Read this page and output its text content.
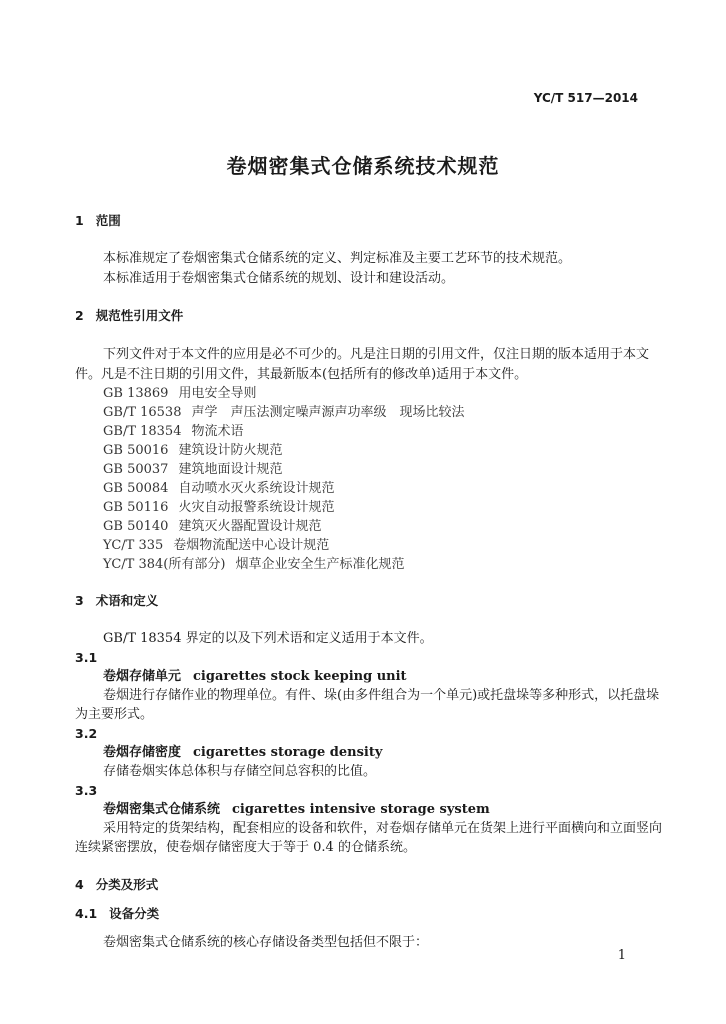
YC/T 517—2014
卷烟密集式仓储系统技术规范
1 范围
本标准规定了卷烟密集式仓储系统的定义、判定标准及主要工艺环节的技术规范。
本标准适用于卷烟密集式仓储系统的规划、设计和建设活动。
2 规范性引用文件
下列文件对于本文件的应用是必不可少的。凡是注日期的引用文件，仅注日期的版本适用于本文
件。凡是不注日期的引用文件，其最新版本(包括所有的修改单)适用于本文件。
GB 13869 用电安全导则
GB/T 16538 声学　声压法测定噪声源声功率级　现场比较法
GB/T 18354 物流术语
GB 50016 建筑设计防火规范
GB 50037 建筑地面设计规范
GB 50084 自动喷水灭火系统设计规范
GB 50116 火灾自动报警系统设计规范
GB 50140 建筑灭火器配置设计规范
YC/T 335 卷烟物流配送中心设计规范
YC/T 384(所有部分) 烟草企业安全生产标准化规范
3 术语和定义
GB/T 18354 界定的以及下列术语和定义适用于本文件。
3.1
卷烟存储单元 cigarettes stock keeping unit
卷烟进行存储作业的物理单位。有件、垛(由多件组合为一个单元)或托盘垛等多种形式，以托盘垛
为主要形式。
3.2
卷烟存储密度 cigarettes storage density
存储卷烟实体总体积与存储空间总容积的比值。
3.3
卷烟密集式仓储系统 cigarettes intensive storage system
采用特定的货架结构，配套相应的设备和软件，对卷烟存储单元在货架上进行平面横向和立面竖向
连续紧密摆放，使卷烟存储密度大于等于 0.4 的仓储系统。
4 分类及形式
4.1 设备分类
卷烟密集式仓储系统的核心存储设备类型包括但不限于：
1
